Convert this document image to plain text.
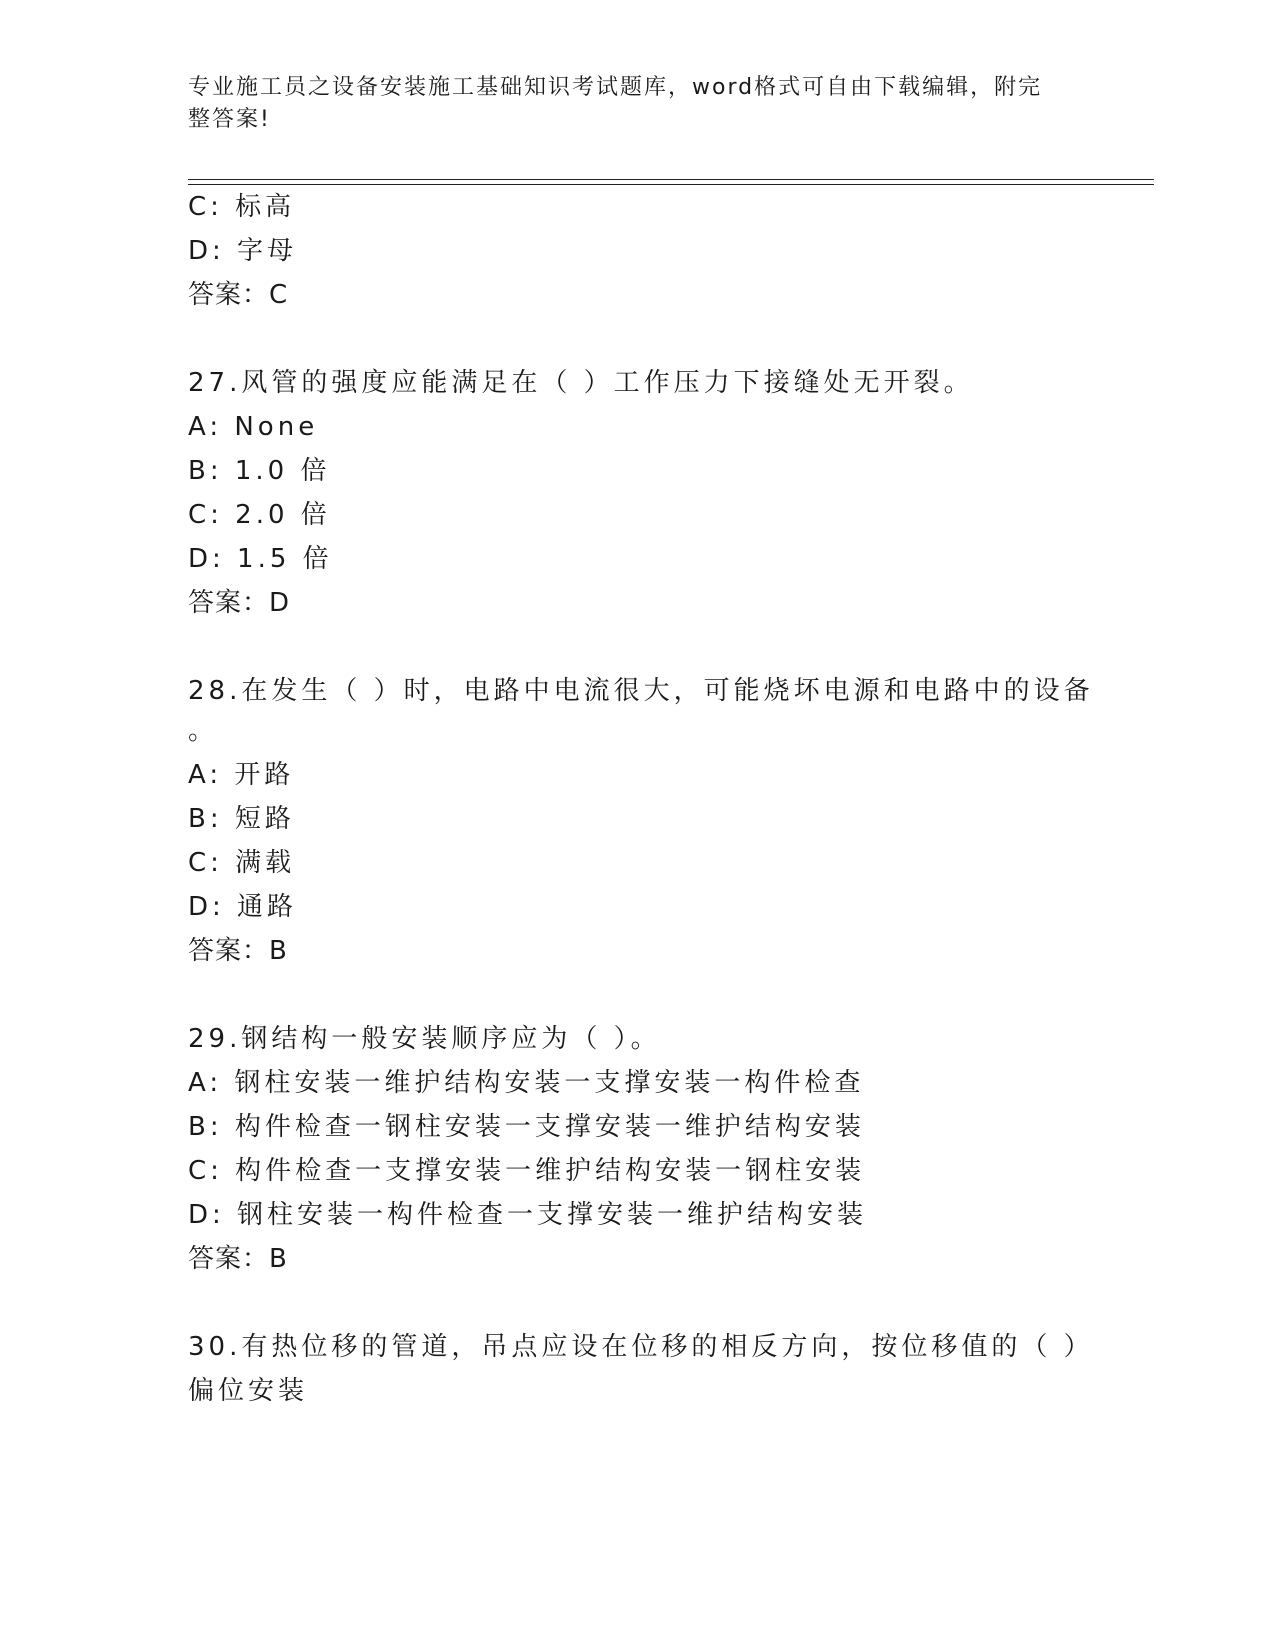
专业施工员之设备安装施工基础知识考试题库，word格式可自由下载编辑，附完
整答案!
C: 标高
D: 字母
答案：C
27.风管的强度应能满足在（ ）工作压力下接缝处无开裂。
A: None
B: 1.0 倍
C: 2.0 倍
D: 1.5 倍
答案：D
28.在发生（ ）时，电路中电流很大，可能烧坏电源和电路中的设备
。
A: 开路
B: 短路
C: 满载
D: 通路
答案：B
29.钢结构一般安装顺序应为（ ）。
A: 钢柱安装一维护结构安装一支撑安装一构件检查
B: 构件检查一钢柱安装一支撑安装一维护结构安装
C: 构件检查一支撑安装一维护结构安装一钢柱安装
D: 钢柱安装一构件检查一支撑安装一维护结构安装
答案：B
30.有热位移的管道，吊点应设在位移的相反方向，按位移值的（ ）
偏位安装
